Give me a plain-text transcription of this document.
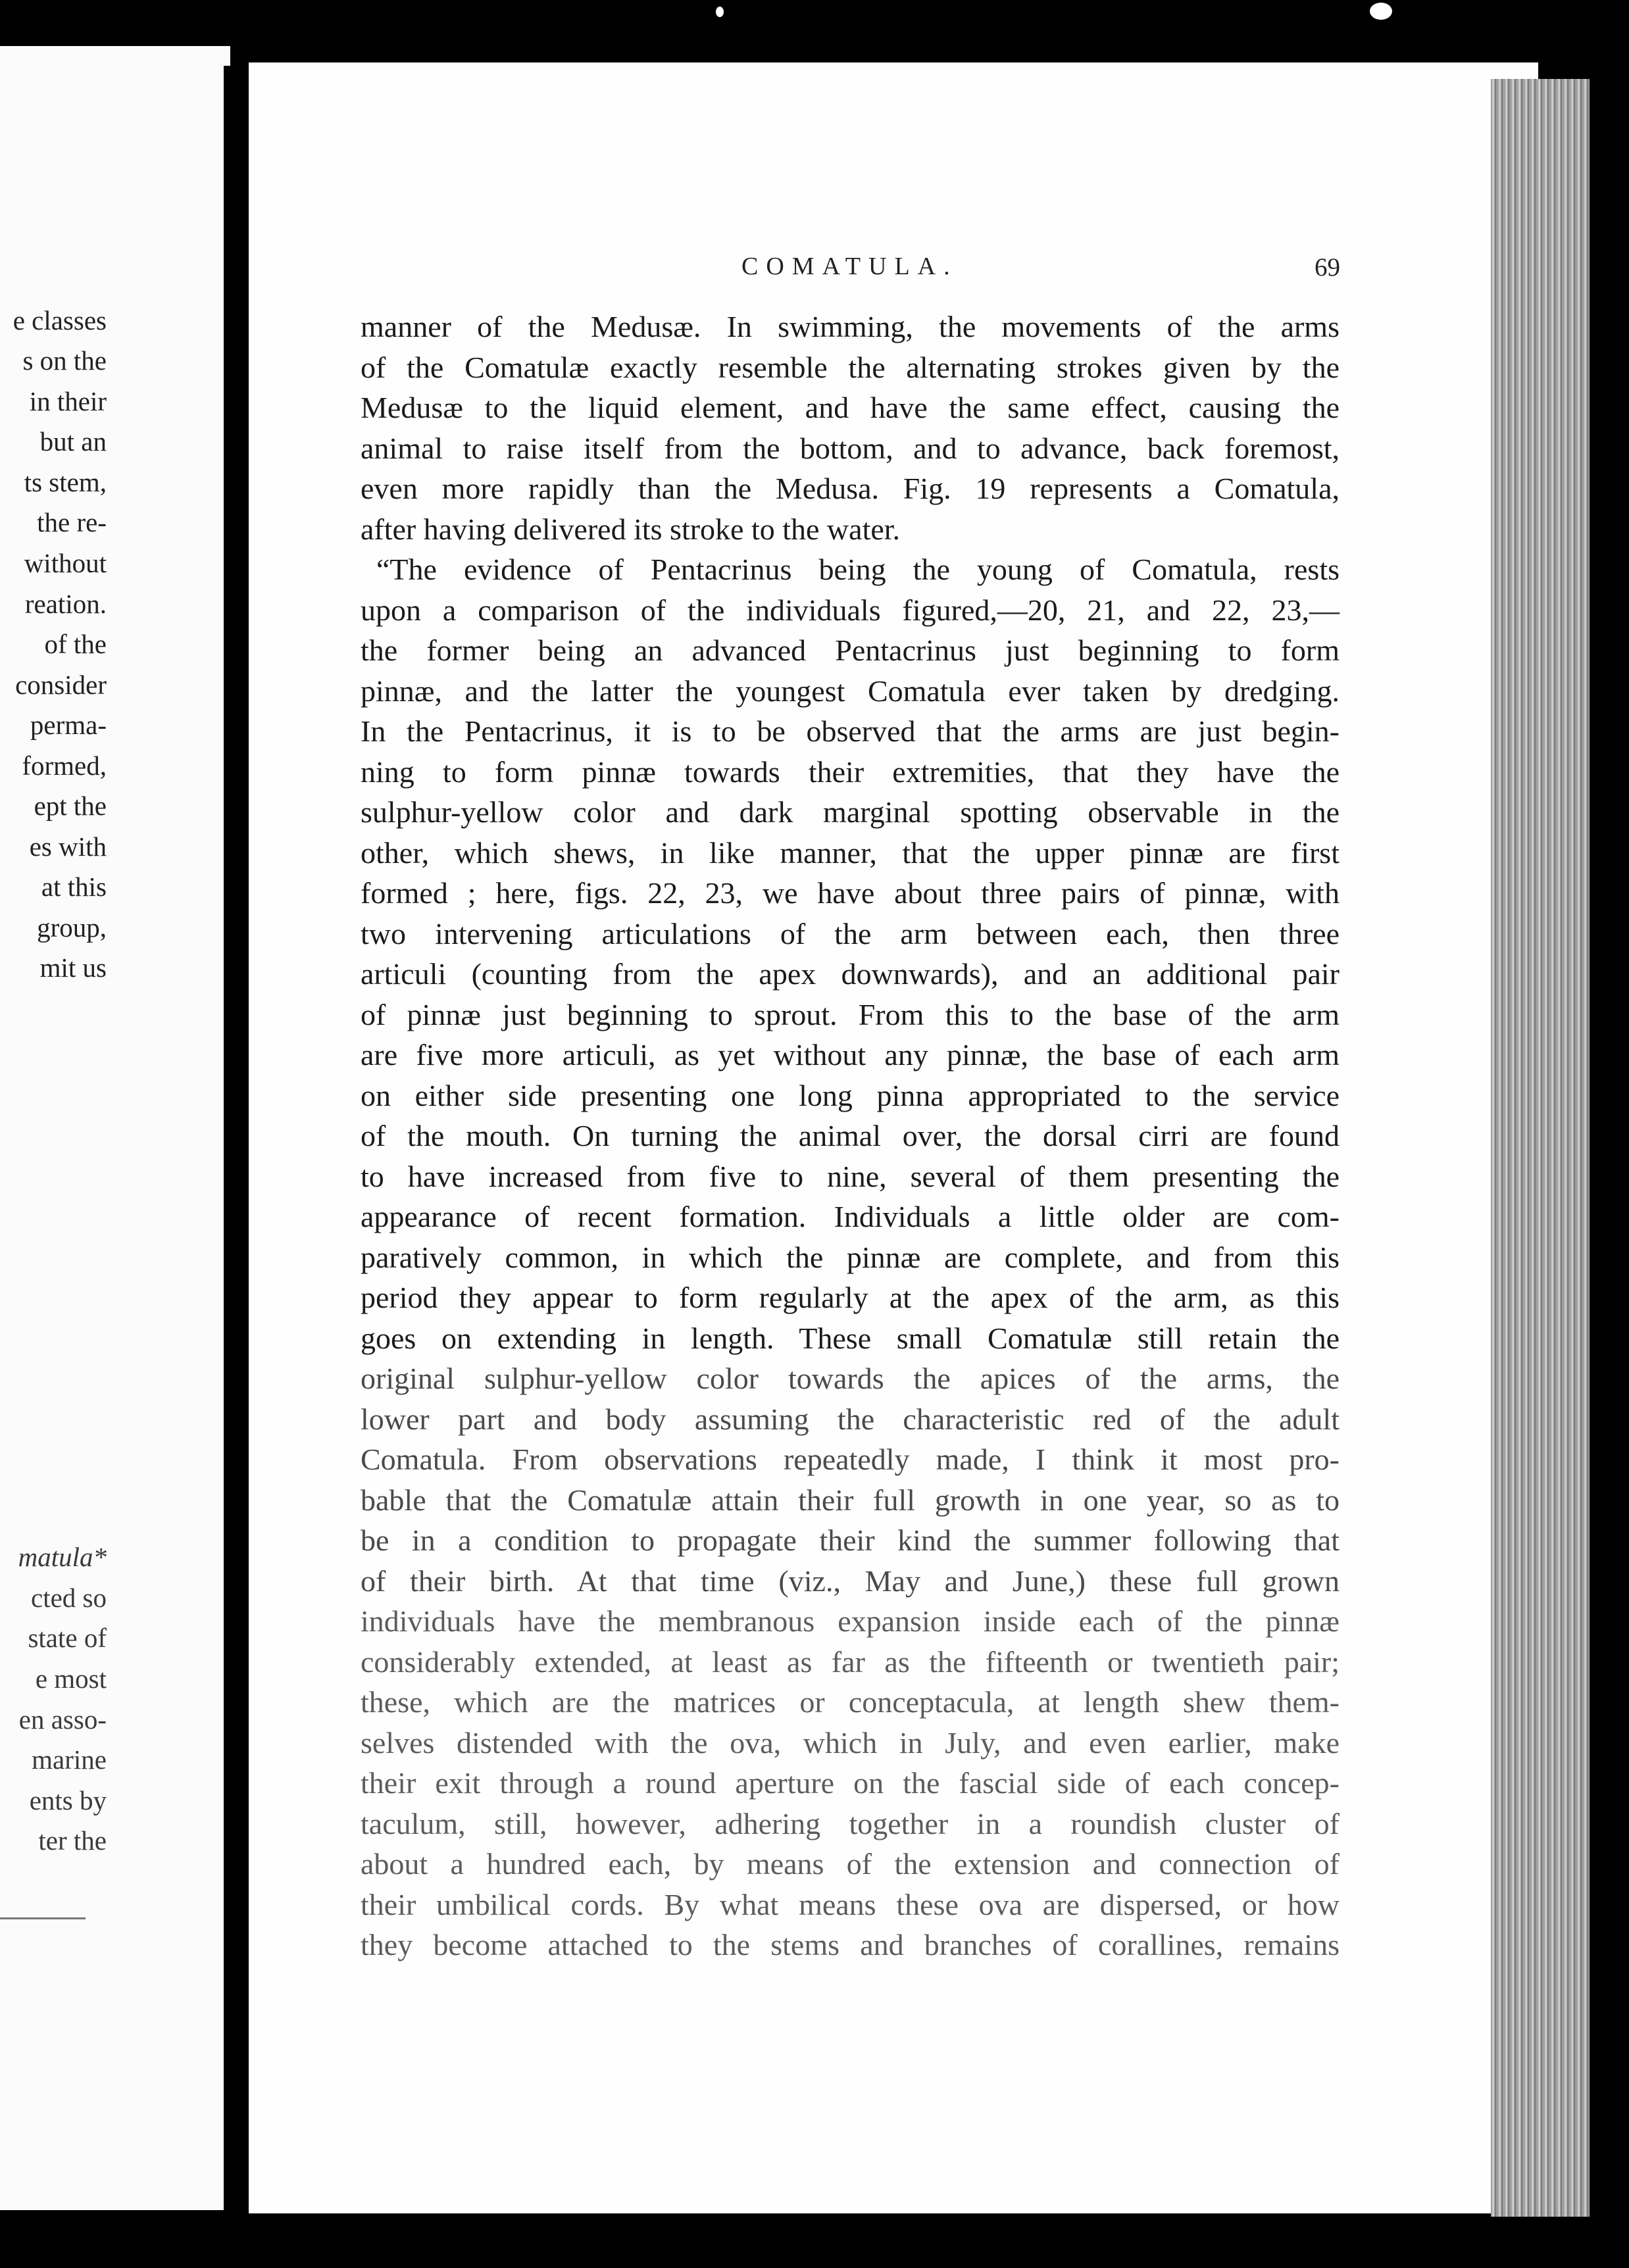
e classes
s on the
in their
but an
ts stem,
the re-
without
reation.
of the
consider
perma-
formed,
ept the
es with
at this
group,
mit us
matula*
cted so
state of
e most
en asso-
marine
ents by
ter the
COMATULA.	69
manner of the Medusæ. In swimming, the movements of the arms
of the Comatulæ exactly resemble the alternating strokes given by the
Medusæ to the liquid element, and have the same effect, causing the
animal to raise itself from the bottom, and to advance, back foremost,
even more rapidly than the Medusa. Fig. 19 represents a Comatula,
after having delivered its stroke to the water.
“The evidence of Pentacrinus being the young of Comatula, rests
upon a comparison of the individuals figured,—20, 21, and 22, 23,—
the former being an advanced Pentacrinus just beginning to form
pinnæ, and the latter the youngest Comatula ever taken by dredging.
In the Pentacrinus, it is to be observed that the arms are just begin-
ning to form pinnæ towards their extremities, that they have the
sulphur-yellow color and dark marginal spotting observable in the
other, which shews, in like manner, that the upper pinnæ are first
formed ; here, figs. 22, 23, we have about three pairs of pinnæ, with
two intervening articulations of the arm between each, then three
articuli (counting from the apex downwards), and an additional pair
of pinnæ just beginning to sprout. From this to the base of the arm
are five more articuli, as yet without any pinnæ, the base of each arm
on either side presenting one long pinna appropriated to the service
of the mouth. On turning the animal over, the dorsal cirri are found
to have increased from five to nine, several of them presenting the
appearance of recent formation. Individuals a little older are com-
paratively common, in which the pinnæ are complete, and from this
period they appear to form regularly at the apex of the arm, as this
goes on extending in length. These small Comatulæ still retain the
original sulphur-yellow color towards the apices of the arms, the
lower part and body assuming the characteristic red of the adult
Comatula. From observations repeatedly made, I think it most pro-
bable that the Comatulæ attain their full growth in one year, so as to
be in a condition to propagate their kind the summer following that
of their birth. At that time (viz., May and June,) these full grown
individuals have the membranous expansion inside each of the pinnæ
considerably extended, at least as far as the fifteenth or twentieth pair;
these, which are the matrices or conceptacula, at length shew them-
selves distended with the ova, which in July, and even earlier, make
their exit through a round aperture on the fascial side of each concep-
taculum, still, however, adhering together in a roundish cluster of
about a hundred each, by means of the extension and connection of
their umbilical cords. By what means these ova are dispersed, or how
they become attached to the stems and branches of corallines, remains
